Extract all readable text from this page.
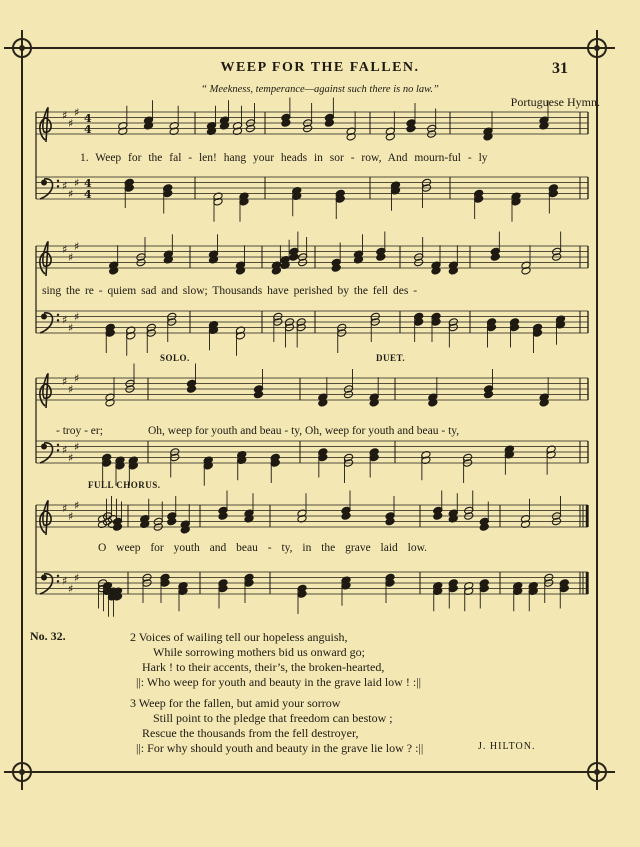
WEEP FOR THE FALLEN.	31
“ Meekness, temperance—against such there is no law.”
Portuguese Hymn.
♯
♯
♯ 4
4
♯
♯
♯ 4
4
♯
♯
♯
♯
♯
♯
♯
♯
♯
♯
♯
♯
♯
♯
♯
♯
♯
♯
1. Weep for the fal - len! hang your heads in sor - row, And mourn-ful - ly
sing the re - quiem sad and slow; Thousands have perished by the fell des -
- troy - er;	Oh, weep for youth and beau - ty, Oh, weep for youth and beau - ty,
O weep for youth and beau - ty, in the grave laid low.
SOLO.	DUET.
FULL CHORUS.
No. 32.	2 Voices of wailing tell our hopeless anguish,
While sorrowing mothers bid us onward go;
Hark ! to their accents, their’s, the broken-hearted,
||: Who weep for youth and beauty in the grave laid low ! :||
3 Weep for the fallen, but amid your sorrow
Still point to the pledge that freedom can bestow ;
Rescue the thousands from the fell destroyer,
||: For why should youth and beauty in the grave lie low ? :||	J. HILTON.
